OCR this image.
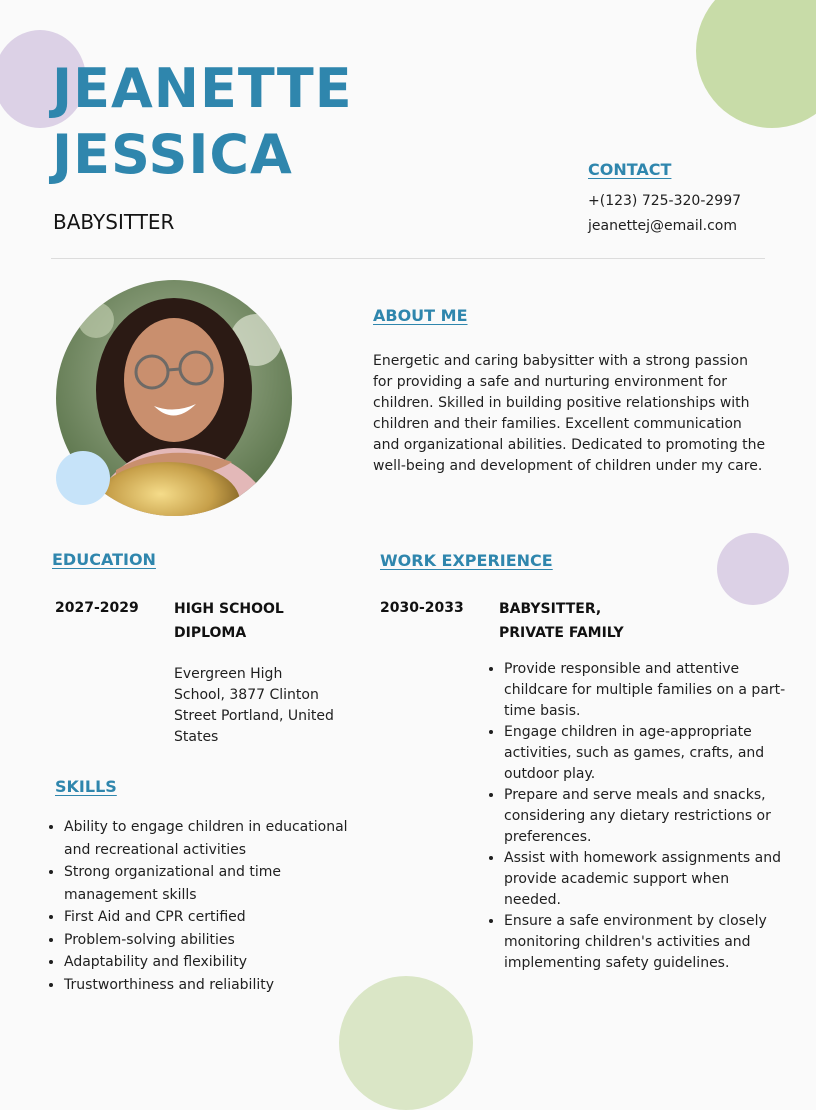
JEANETTE
JESSICA
BABYSITTER
CONTACT
+(123) 725-320-2997
jeanettej@email.com
ABOUT ME

Energetic and caring babysitter with a strong passion for providing a safe and nurturing environment for children. Skilled in building positive relationships with children and their families. Excellent communication and organizational abilities. Dedicated to promoting the well-being and development of children under my care.

EDUCATION
2027-2029	HIGH SCHOOL
DIPLOMA
Evergreen High School, 3877 Clinton Street Portland, United States
WORK EXPERIENCE
2030-2033	BABYSITTER,
PRIVATE FAMILY
• Provide responsible and attentive childcare for multiple families on a part-time basis.
• Engage children in age-appropriate activities, such as games, crafts, and outdoor play.
• Prepare and serve meals and snacks, considering any dietary restrictions or preferences.
• Assist with homework assignments and provide academic support when needed.
• Ensure a safe environment by closely monitoring children's activities and implementing safety guidelines.
SKILLS
• Ability to engage children in educational and recreational activities
• Strong organizational and time management skills
• First Aid and CPR certified
• Problem-solving abilities
• Adaptability and flexibility
• Trustworthiness and reliability
